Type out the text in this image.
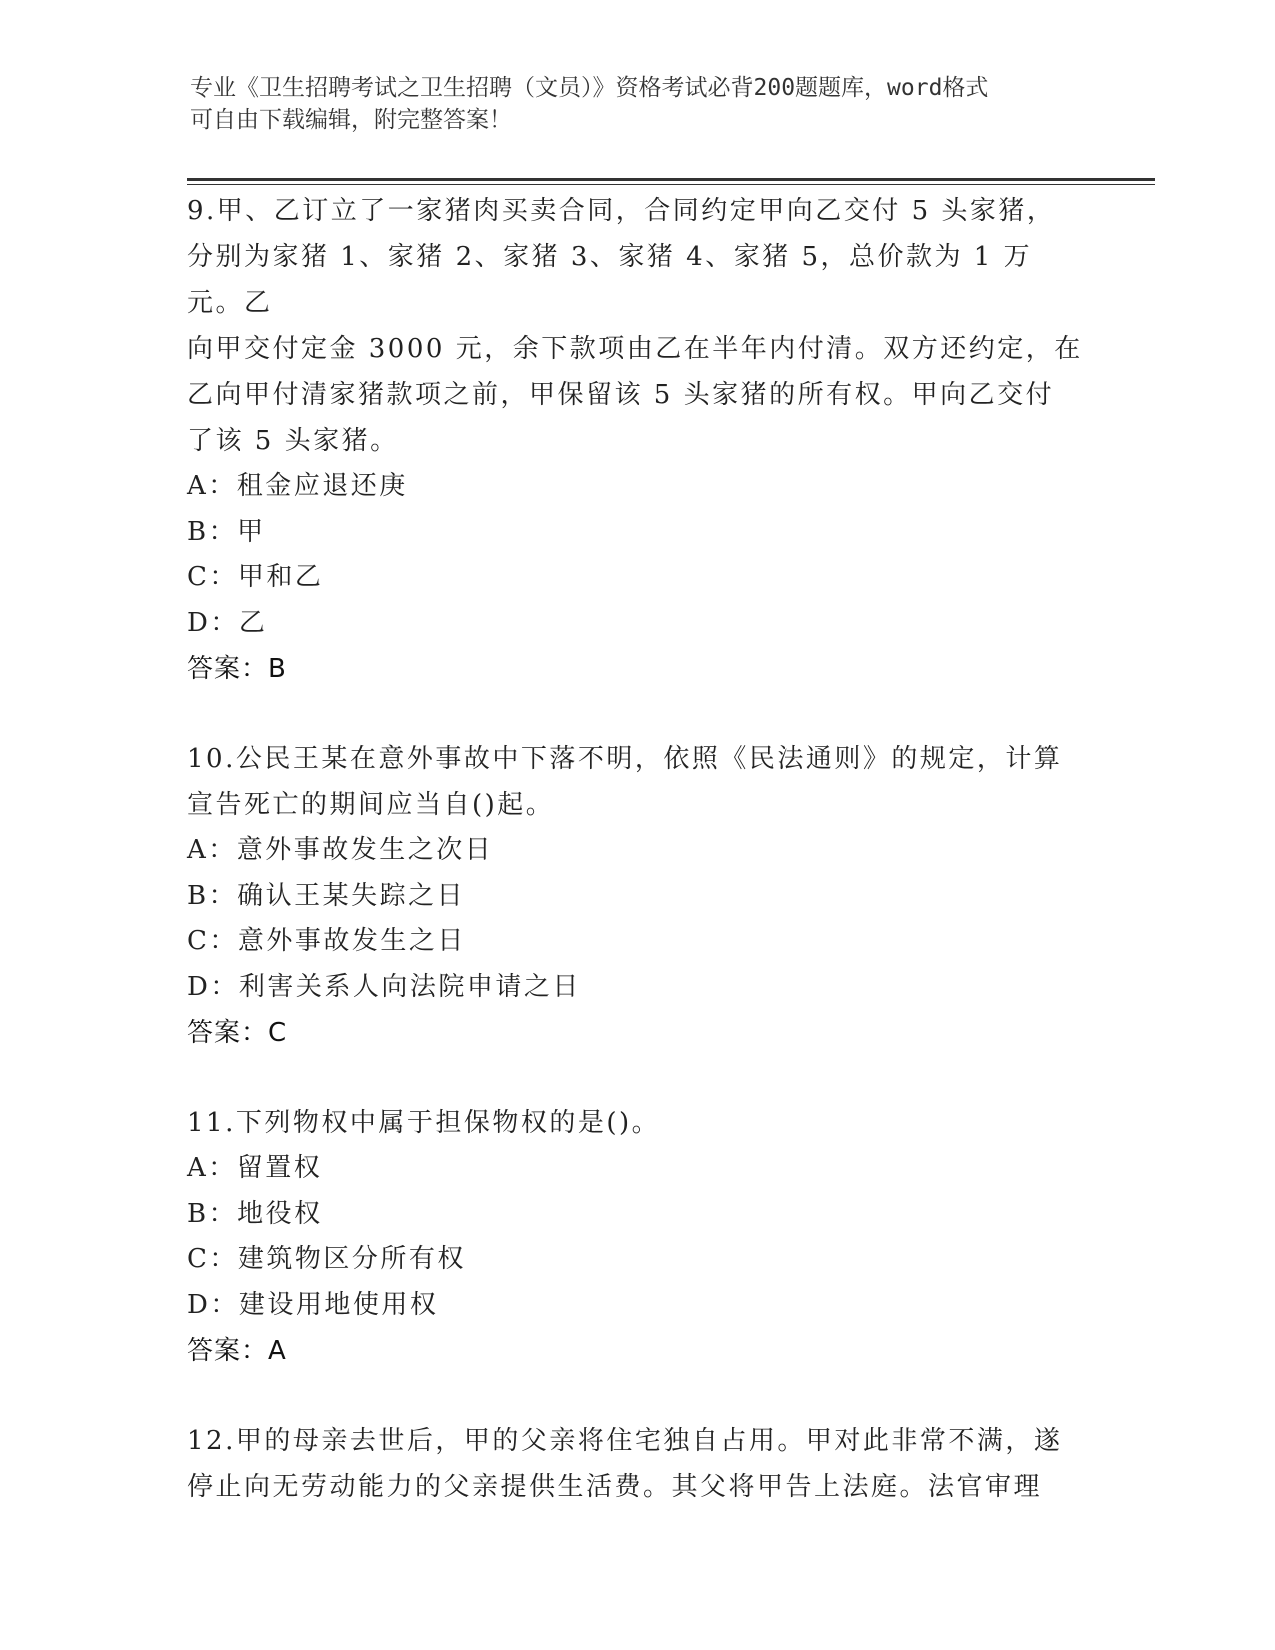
专业《卫生招聘考试之卫生招聘（文员）》资格考试必背200题题库，word格式
可自由下载编辑，附完整答案！

9.甲、乙订立了一家猪肉买卖合同，合同约定甲向乙交付 5 头家猪，

分别为家猪 1、家猪 2、家猪 3、家猪 4、家猪 5，总价款为 1 万元。乙

向甲交付定金 3000 元，余下款项由乙在半年内付清。双方还约定，在

乙向甲付清家猪款项之前，甲保留该 5 头家猪的所有权。甲向乙交付

了该 5 头家猪。

A：租金应退还庚

B：甲

C：甲和乙

D：乙

答案：B

10.公民王某在意外事故中下落不明，依照《民法通则》的规定，计算

宣告死亡的期间应当自()起。

A：意外事故发生之次日

B：确认王某失踪之日

C：意外事故发生之日

D：利害关系人向法院申请之日

答案：C

11.下列物权中属于担保物权的是()。

A：留置权

B：地役权

C：建筑物区分所有权

D：建设用地使用权

答案：A

12.甲的母亲去世后，甲的父亲将住宅独自占用。甲对此非常不满，遂

停止向无劳动能力的父亲提供生活费。其父将甲告上法庭。法官审理
